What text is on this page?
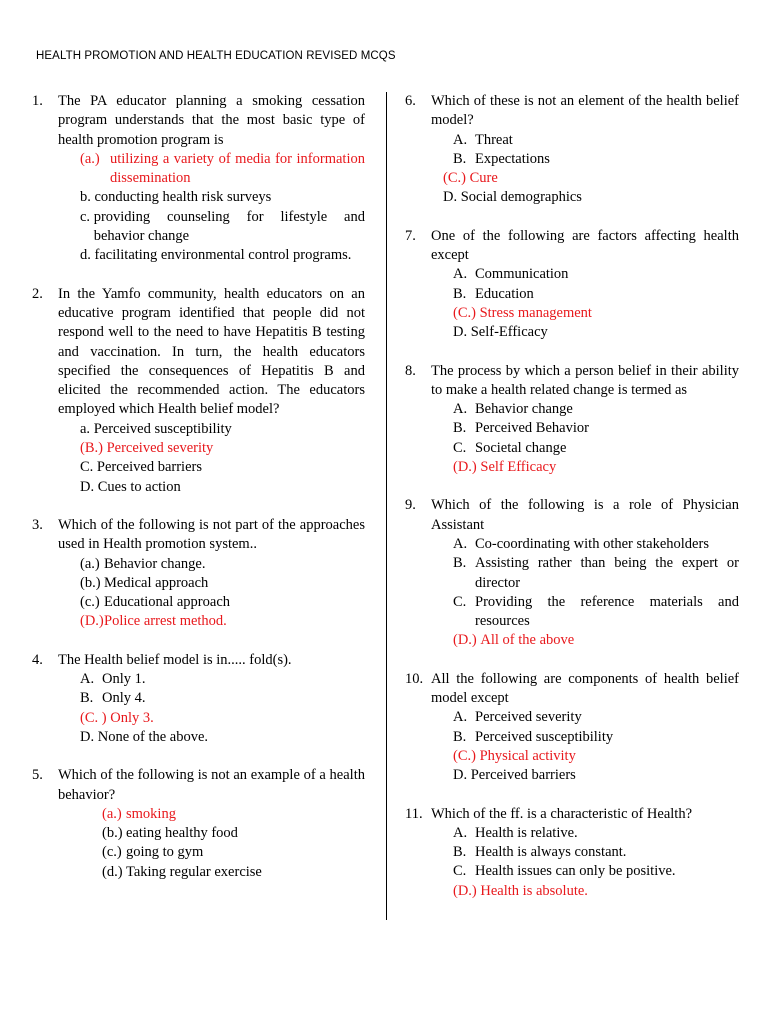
HEALTH PROMOTION AND HEALTH EDUCATION REVISED MCQS
1.	The PA educator planning a smoking cessation program understands that the most basic type of health promotion program is
(a.) utilizing a variety of media for information dissemination
b. conducting health risk surveys
c. providing counseling for lifestyle and behavior change
d. facilitating environmental control programs.
2.	In the Yamfo community, health educators on an educative program identified that people did not respond well to the need to have Hepatitis B testing and vaccination. In turn, the health educators specified the consequences of Hepatitis B and elicited the recommended action. The educators employed which Health belief model?
a. Perceived susceptibility
(B.) Perceived severity
C. Perceived barriers
D. Cues to action
3.	Which of the following is not part of the approaches used in Health promotion system..
(a.) Behavior change.
(b.) Medical approach
(c.) Educational approach
(D.)
Police arrest method.
4.	The Health belief model is in..... fold(s).
A. Only 1.
B. Only 4.
(C. ) Only 3.
D. None of the above.
5.	Which of the following is not an example of a health behavior?
(a.) smoking
(b.) eating healthy food
(c.) going to gym
(d.) Taking regular exercise
6.	Which of these is not an element of the health belief model?
A. Threat
B. Expectations
(C.) Cure
D. Social demographics
7.	One of the following are factors affecting health except
A. Communication
B. Education
(C.) Stress management
D. Self-Efficacy
8.	The process by which a person belief in their ability to make a health related change is termed as
A. Behavior change
B. Perceived Behavior
C. Societal change
(D.) Self Efficacy
9.	Which of the following is a role of Physician Assistant
A. Co-coordinating with other stakeholders
B. Assisting rather than being the expert or director
C. Providing the reference materials and resources
(D.) All of the above
10. All the following are components of health belief model except
A. Perceived severity
B. Perceived susceptibility
(C.) Physical activity
D. Perceived barriers
11. Which of the ff. is a characteristic of Health?
A. Health is relative.
B. Health is always constant.
C. Health issues can only be positive.
(D.) Health is absolute.
